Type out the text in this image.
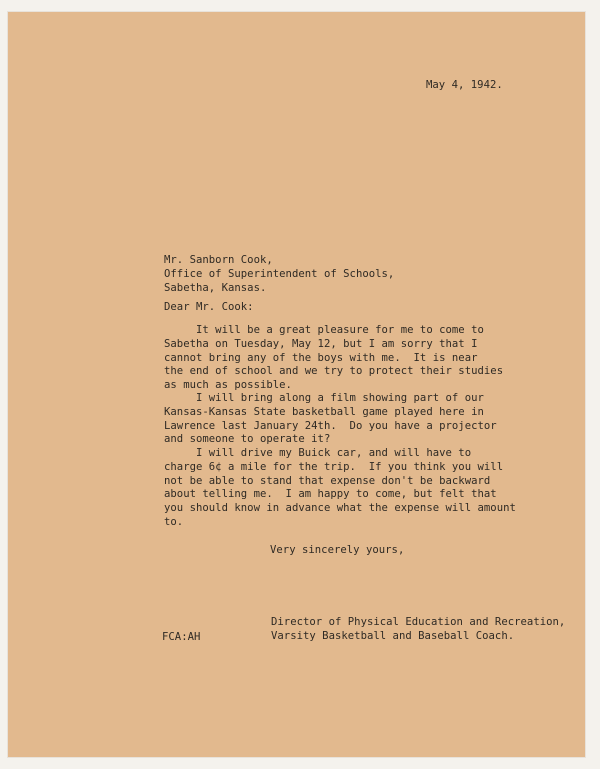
May 4, 1942.
Mr. Sanborn Cook,
Office of Superintendent of Schools,
Sabetha, Kansas.
Dear Mr. Cook:
It will be a great pleasure for me to come to
Sabetha on Tuesday, May 12, but I am sorry that I
cannot bring any of the boys with me.  It is near
the end of school and we try to protect their studies
as much as possible.
I will bring along a film showing part of our
Kansas-Kansas State basketball game played here in
Lawrence last January 24th.  Do you have a projector
and someone to operate it?
I will drive my Buick car, and will have to
charge 6¢ a mile for the trip.  If you think you will
not be able to stand that expense don't be backward
about telling me.  I am happy to come, but felt that
you should know in advance what the expense will amount
to.
Very sincerely yours,
Director of Physical Education and Recreation,
Varsity Basketball and Baseball Coach.
FCA:AH
